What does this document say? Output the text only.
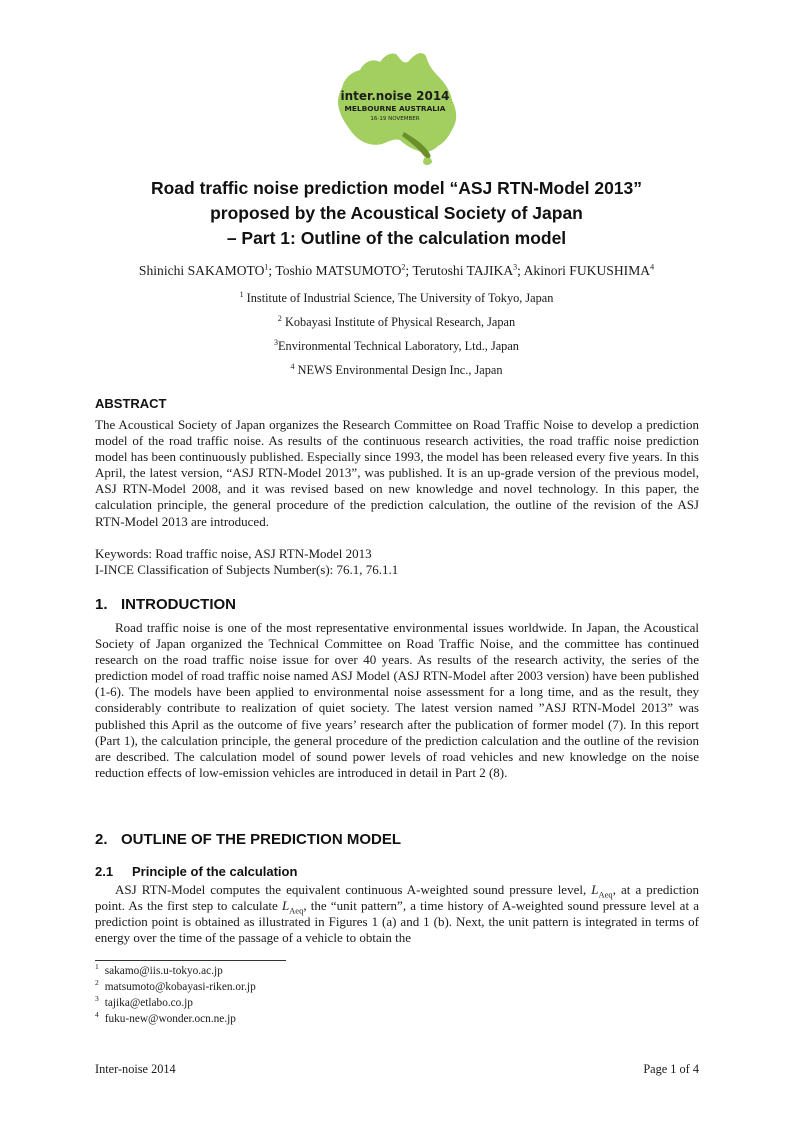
inter.noise 2014
MELBOURNE AUSTRALIA
16-19 NOVEMBER
Road traffic noise prediction model “ASJ RTN-Model 2013”
proposed by the Acoustical Society of Japan
– Part 1: Outline of the calculation model
Shinichi SAKAMOTO$^1$; Toshio MATSUMOTO$^2$; Terutoshi TAJIKA$^3$; Akinori FUKUSHIMA$^4$
$^1$ Institute of Industrial Science, The University of Tokyo, Japan
$^2$ Kobayasi Institute of Physical Research, Japan
$^3$Environmental Technical Laboratory, Ltd., Japan
$^4$ NEWS Environmental Design Inc., Japan
ABSTRACT

The Acoustical Society of Japan organizes the Research Committee on Road Traffic Noise to develop a prediction model of the road traffic noise. As results of the continuous research activities, the road traffic noise prediction model has been continuously published. Especially since 1993, the model has been released every five years. In this April, the latest version, “ASJ RTN-Model 2013”, was published. It is an up-grade version of the previous model, ASJ RTN-Model 2008, and it was revised based on new knowledge and novel technology. In this paper, the calculation principle, the general procedure of the prediction calculation, the outline of the revision of the ASJ RTN-Model 2013 are introduced.

Keywords: Road traffic noise, ASJ RTN-Model 2013
I-INCE Classification of Subjects Number(s): 76.1, 76.1.1
1. INTRODUCTION

Road traffic noise is one of the most representative environmental issues worldwide. In Japan, the Acoustical Society of Japan organized the Technical Committee on Road Traffic Noise, and the committee has continued research on the road traffic noise issue for over 40 years. As results of the research activity, the series of the prediction model of road traffic noise named ASJ Model (ASJ RTN-Model after 2003 version) have been published (1-6). The models have been applied to environmental noise assessment for a long time, and as the result, they considerably contribute to realization of quiet society. The latest version named ”ASJ RTN-Model 2013” was published this April as the outcome of five years’ research after the publication of former model (7). In this report (Part 1), the calculation principle, the general procedure of the prediction calculation and the outline of the revision are described. The calculation model of sound power levels of road vehicles and new knowledge on the noise reduction effects of low-emission vehicles are introduced in detail in Part 2 (8).

2. OUTLINE OF THE PREDICTION MODEL
2.1 Principle of the calculation

ASJ RTN-Model computes the equivalent continuous A-weighted sound pressure level, $L_{Aeq}$, at a prediction point. As the first step to calculate $L_{Aeq}$, the “unit pattern”, a time history of A-weighted sound pressure level at a prediction point is obtained as illustrated in Figures 1 (a) and 1 (b). Next, the unit pattern is integrated in terms of energy over the time of the passage of a vehicle to obtain the

$^1$ sakamo@iis.u-tokyo.ac.jp
$^2$ matsumoto@kobayasi-riken.or.jp
$^3$ tajika@etlabo.co.jp
$^4$ fuku-new@wonder.ocn.ne.jp
Inter-noise 2014	Page 1 of 4
